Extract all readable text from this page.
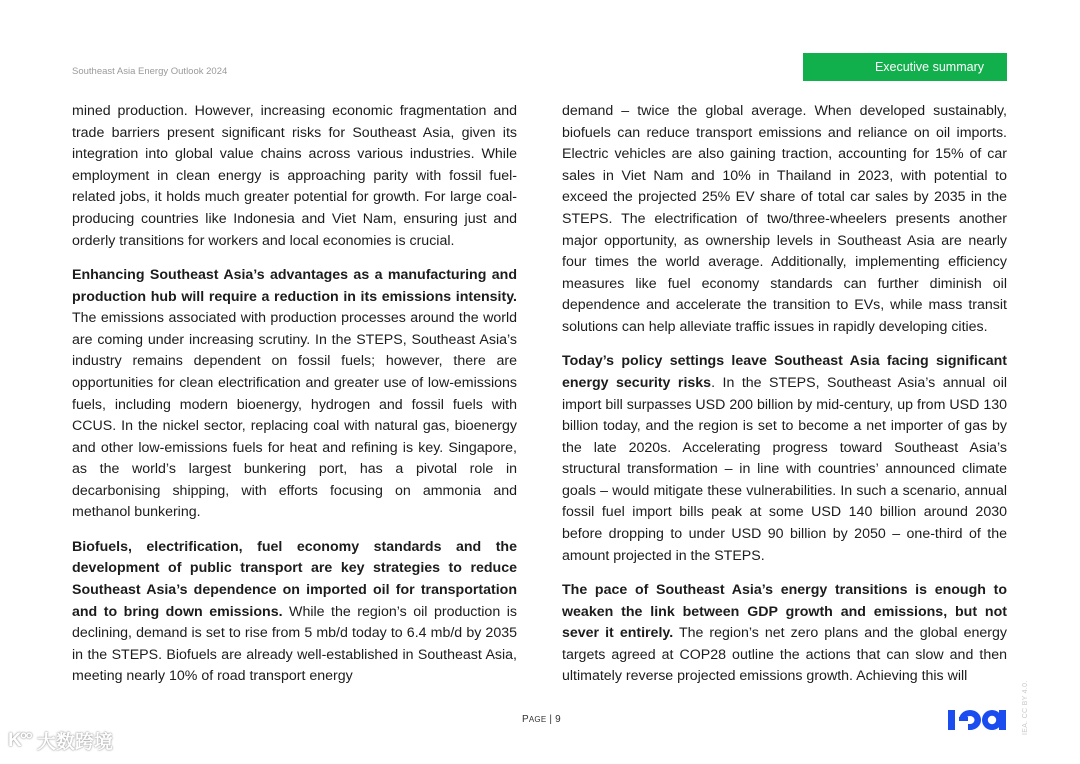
Southeast Asia Energy Outlook 2024	Executive summary

mined production. However, increasing economic fragmentation and trade barriers present significant risks for Southeast Asia, given its integration into global value chains across various industries. While employment in clean energy is approaching parity with fossil fuel-related jobs, it holds much greater potential for growth. For large coal-producing countries like Indonesia and Viet Nam, ensuring just and orderly transitions for workers and local economies is crucial.

Enhancing Southeast Asia’s advantages as a manufacturing and production hub will require a reduction in its emissions intensity. The emissions associated with production processes around the world are coming under increasing scrutiny. In the STEPS, Southeast Asia’s industry remains dependent on fossil fuels; however, there are opportunities for clean electrification and greater use of low-emissions fuels, including modern bioenergy, hydrogen and fossil fuels with CCUS. In the nickel sector, replacing coal with natural gas, bioenergy and other low-emissions fuels for heat and refining is key. Singapore, as the world’s largest bunkering port, has a pivotal role in decarbonising shipping, with efforts focusing on ammonia and methanol bunkering.

Biofuels, electrification, fuel economy standards and the development of public transport are key strategies to reduce Southeast Asia’s dependence on imported oil for transportation and to bring down emissions. While the region’s oil production is declining, demand is set to rise from 5 mb/d today to 6.4 mb/d by 2035 in the STEPS. Biofuels are already well-established in Southeast Asia, meeting nearly 10% of road transport energy

demand – twice the global average. When developed sustainably, biofuels can reduce transport emissions and reliance on oil imports. Electric vehicles are also gaining traction, accounting for 15% of car sales in Viet Nam and 10% in Thailand in 2023, with potential to exceed the projected 25% EV share of total car sales by 2035 in the STEPS. The electrification of two/three-wheelers presents another major opportunity, as ownership levels in Southeast Asia are nearly four times the world average. Additionally, implementing efficiency measures like fuel economy standards can further diminish oil dependence and accelerate the transition to EVs, while mass transit solutions can help alleviate traffic issues in rapidly developing cities.

Today’s policy settings leave Southeast Asia facing significant energy security risks. In the STEPS, Southeast Asia’s annual oil import bill surpasses USD 200 billion by mid-century, up from USD 130 billion today, and the region is set to become a net importer of gas by the late 2020s. Accelerating progress toward Southeast Asia’s structural transformation – in line with countries’ announced climate goals – would mitigate these vulnerabilities. In such a scenario, annual fossil fuel import bills peak at some USD 140 billion around 2030 before dropping to under USD 90 billion by 2050 – one-third of the amount projected in the STEPS.

The pace of Southeast Asia’s energy transitions is enough to weaken the link between GDP growth and emissions, but not sever it entirely. The region’s net zero plans and the global energy targets agreed at COP28 outline the actions that can slow and then ultimately reverse projected emissions growth. Achieving this will

PAGE | 9	IEA. CC BY 4.0.
K°° 大数跨境
